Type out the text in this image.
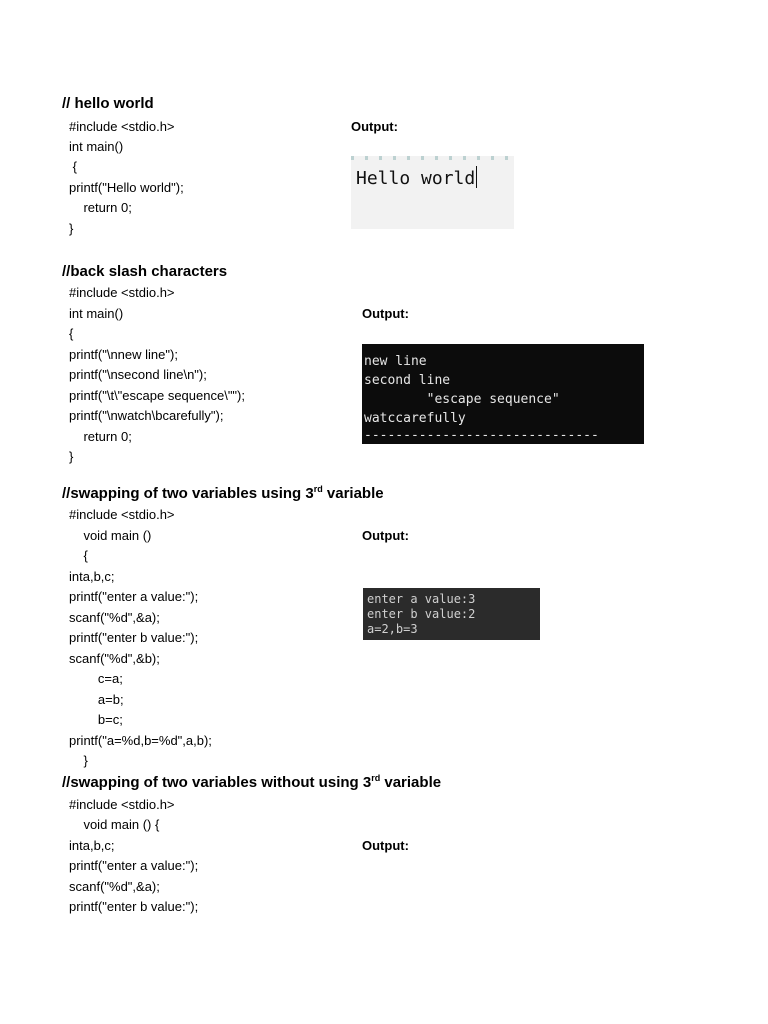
// hello world
Output:
#include <stdio.h>
int main()
{
printf("Hello world");
return 0;
}
Hello world
//back slash characters
Output:
#include <stdio.h>
int main()
{
printf("\nnew line");
printf("\nsecond line\n");
printf("\t\"escape sequence\"");
printf("\nwatch\bcarefully");
return 0;
}
new line
second line
"escape sequence"
watccarefully
------------------------------
//swapping of two variables using 3rd variable
Output:
#include <stdio.h>
void main ()
{
inta,b,c;
printf("enter a value:");
scanf("%d",&a);
printf("enter b value:");
scanf("%d",&b);
c=a;
a=b;
b=c;
printf("a=%d,b=%d",a,b);
}
enter a value:3
enter b value:2
a=2,b=3
//swapping of two variables without using 3rd variable
Output:
#include <stdio.h>
void main () {
inta,b,c;
printf("enter a value:");
scanf("%d",&a);
printf("enter b value:");
